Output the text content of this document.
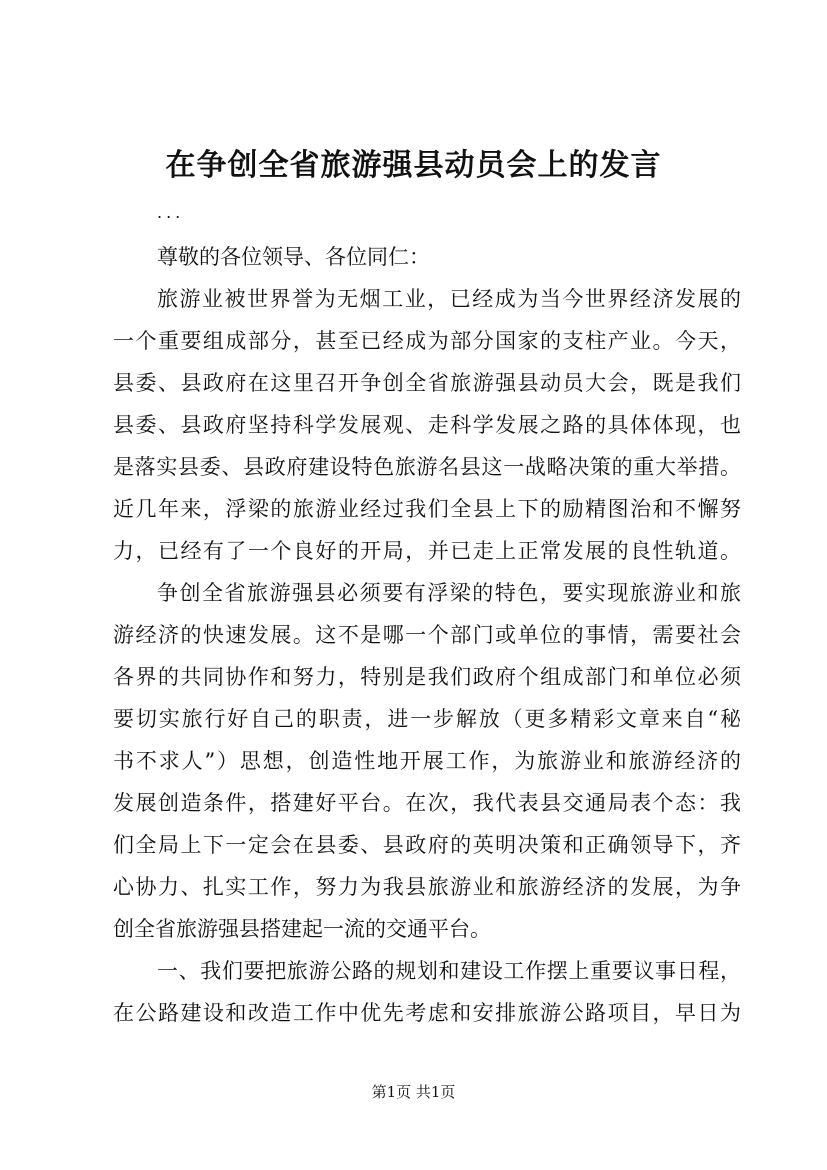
在争创全省旅游强县动员会上的发言
...
尊敬的各位领导、各位同仁：
旅游业被世界誉为无烟工业，已经成为当今世界经济发展的
一个重要组成部分，甚至已经成为部分国家的支柱产业。今天，
县委、县政府在这里召开争创全省旅游强县动员大会，既是我们
县委、县政府坚持科学发展观、走科学发展之路的具体体现，也
是落实县委、县政府建设特色旅游名县这一战略决策的重大举措。
近几年来，浮梁的旅游业经过我们全县上下的励精图治和不懈努
力，已经有了一个良好的开局，并已走上正常发展的良性轨道。
争创全省旅游强县必须要有浮梁的特色，要实现旅游业和旅
游经济的快速发展。这不是哪一个部门或单位的事情，需要社会
各界的共同协作和努力，特别是我们政府个组成部门和单位必须
要切实旅行好自己的职责，进一步解放（更多精彩文章来自“秘
书不求人”）思想，创造性地开展工作，为旅游业和旅游经济的
发展创造条件，搭建好平台。在次，我代表县交通局表个态：我
们全局上下一定会在县委、县政府的英明决策和正确领导下，齐
心协力、扎实工作，努力为我县旅游业和旅游经济的发展，为争
创全省旅游强县搭建起一流的交通平台。
一、我们要把旅游公路的规划和建设工作摆上重要议事日程，
在公路建设和改造工作中优先考虑和安排旅游公路项目，早日为
第1页 共1页
